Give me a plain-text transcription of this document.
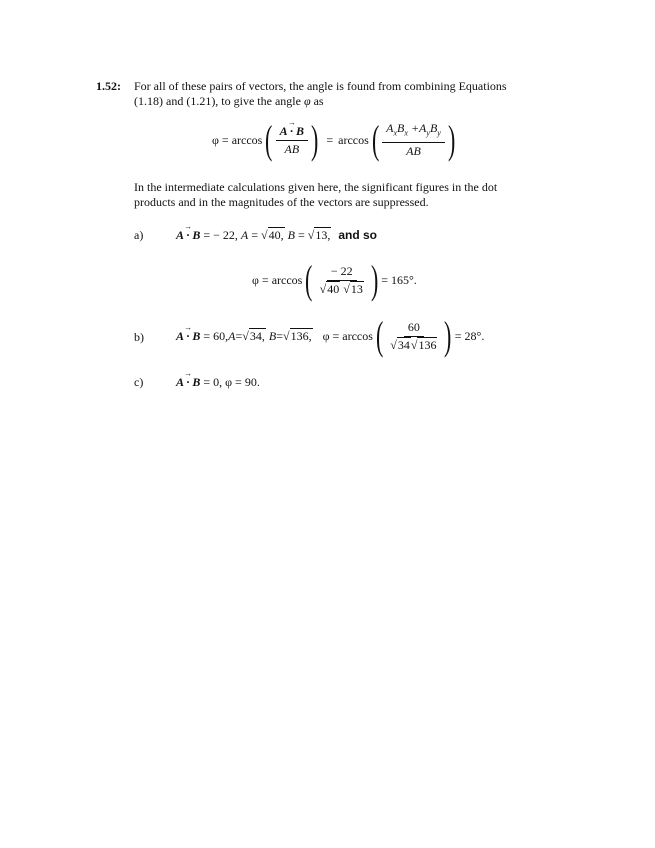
1.52: For all of these pairs of vectors, the angle is found from combining Equations
(1.18) and (1.21), to give the angle φ as
φ = arccos ( → $\frac{A \cdot B}{AB}$ ) = arccos ( $\frac{A_xB_x +A_yB_y}{AB}$ )
In the intermediate calculations given here, the significant figures in the dot
products and in the magnitudes of the vectors are suppressed.
a)	→ A · B = − 22, A = √40, B = √13, and so
φ = arccos ( $\frac{- 22}{√40 √13}$ ) = 165°.
b)	→ A · B
= 60, A = √34,
B = √136, φ = arccos ( $\frac{60}{√34√136}$ ) = 28°.
c)	→ A · B = 0, φ = 90.
